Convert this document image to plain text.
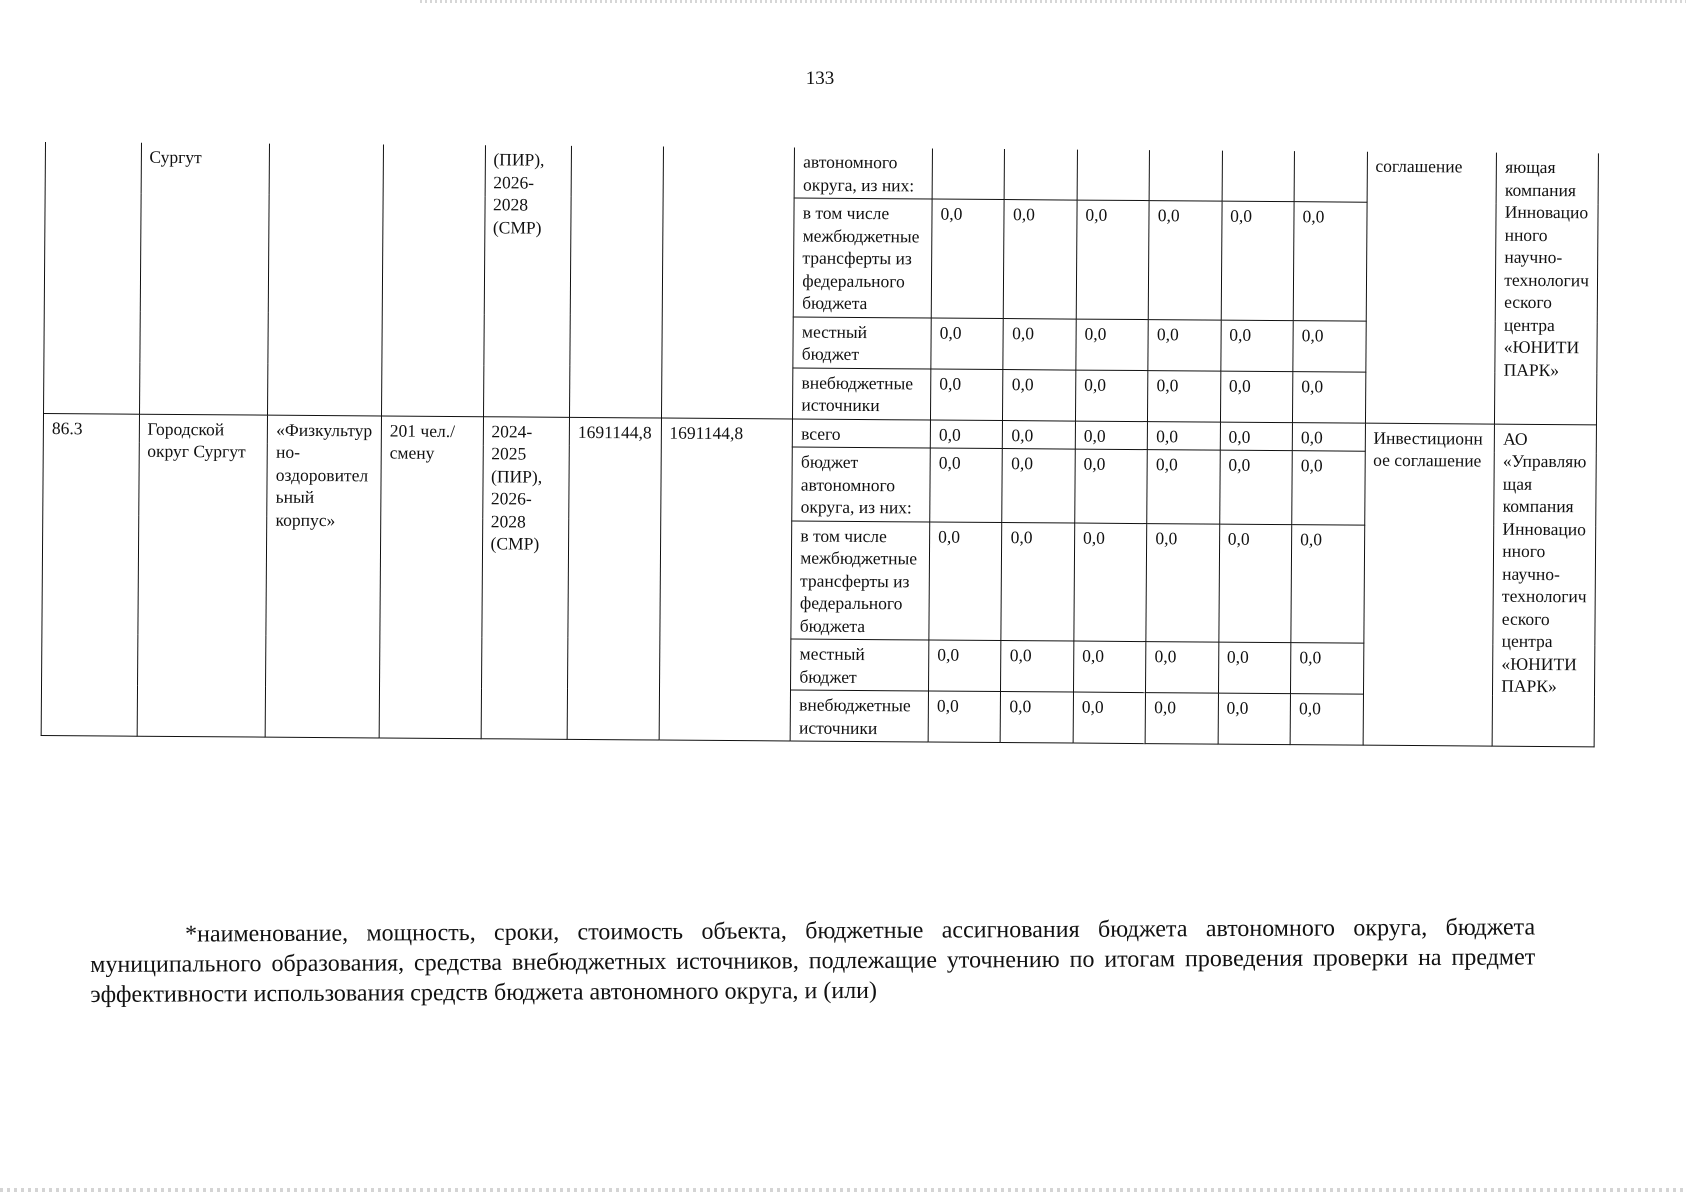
133
	Сургут			(ПИР), 2026-2028 (СМР)			автономного округа, из них:							соглашение	яющая компания Инновационного научно-технологического центра «ЮНИТИ ПАРК»
							в том числе межбюджетные трансферты из федерального бюджета	0,0	0,0	0,0	0,0	0,0	0,0		
							местный бюджет	0,0	0,0	0,0	0,0	0,0	0,0		
							внебюджетные источники	0,0	0,0	0,0	0,0	0,0	0,0		
86.3	Городской округ Сургут	«Физкультурно-оздоровительный корпус»	201 чел./смену	2024-2025 (ПИР), 2026-2028 (СМР)	1691144,8	1691144,8	всего	0,0	0,0	0,0	0,0	0,0	0,0	Инвестиционное соглашение	АО «Управляющая компания Инновационного научно-технологического центра «ЮНИТИ ПАРК»
							бюджет автономного округа, из них:	0,0	0,0	0,0	0,0	0,0	0,0		
							в том числе межбюджетные трансферты из федерального бюджета	0,0	0,0	0,0	0,0	0,0	0,0		
							местный бюджет	0,0	0,0	0,0	0,0	0,0	0,0		
							внебюджетные источники	0,0	0,0	0,0	0,0	0,0	0,0		
*наименование, мощность, сроки, стоимость объекта, бюджетные ассигнования бюджета автономного округа, бюджета муниципального образования, средства внебюджетных источников, подлежащие уточнению по итогам проведения проверки на предмет эффективности использования средств бюджета автономного округа, и (или)
